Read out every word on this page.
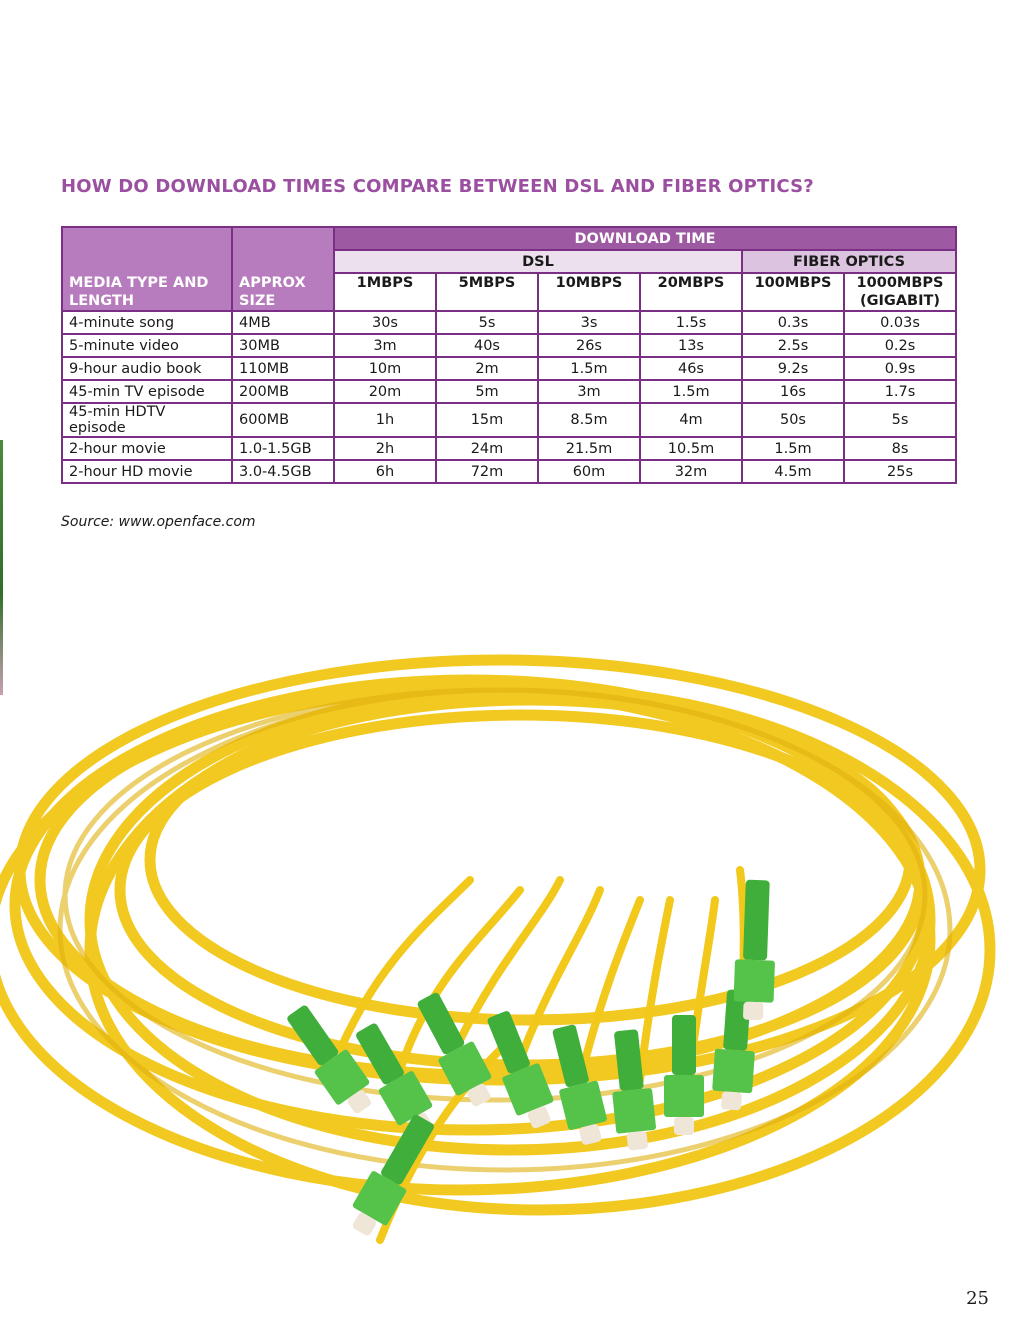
HOW DO DOWNLOAD TIMES COMPARE BETWEEN DSL AND FIBER OPTICS?
MEDIA TYPE AND LENGTH	APPROX SIZE	DOWNLOAD TIME					
		DSL				FIBER OPTICS	
		1MBPS	5MBPS	10MBPS	20MBPS	100MBPS	1000MBPS (GIGABIT)
4-minute song	4MB	30s	5s	3s	1.5s	0.3s	0.03s
5-minute video	30MB	3m	40s	26s	13s	2.5s	0.2s
9-hour audio book	110MB	10m	2m	1.5m	46s	9.2s	0.9s
45-min TV episode	200MB	20m	5m	3m	1.5m	16s	1.7s
45-min HDTV episode	600MB	1h	15m	8.5m	4m	50s	5s
2-hour movie	1.0-1.5GB	2h	24m	21.5m	10.5m	1.5m	8s
2-hour HD movie	3.0-4.5GB	6h	72m	60m	32m	4.5m	25s
Source: www.openface.com
25
